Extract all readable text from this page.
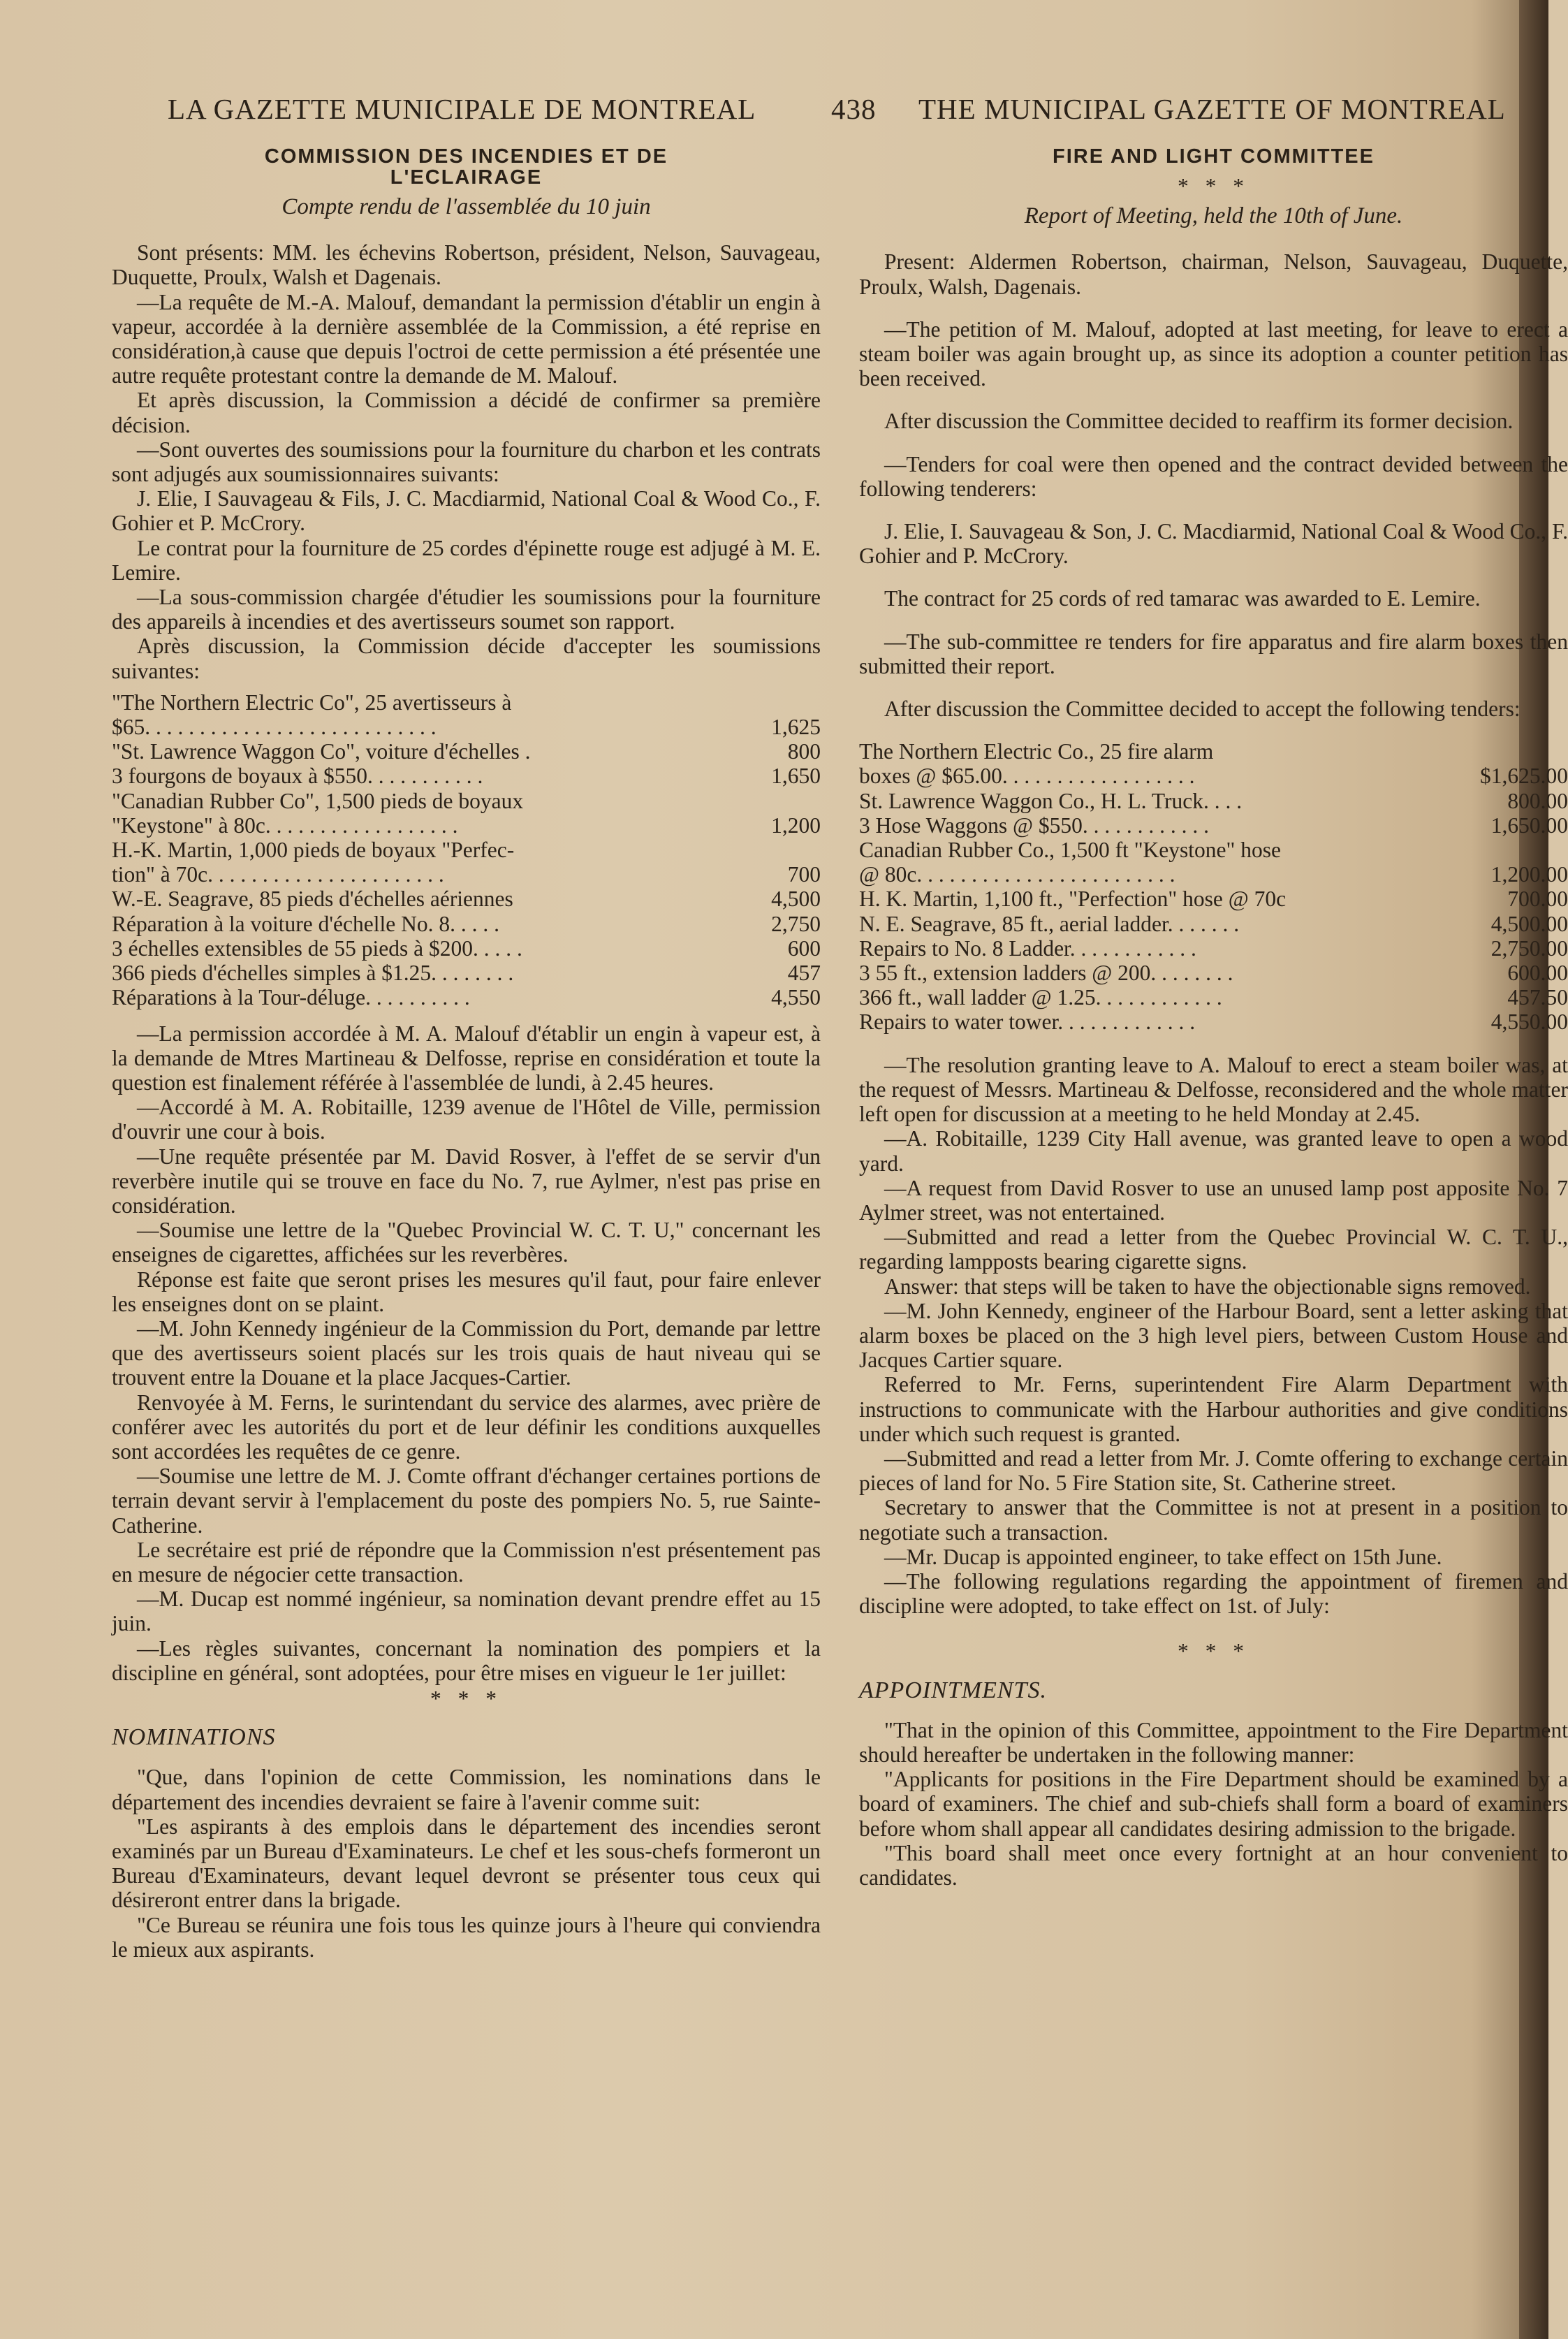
LA GAZETTE MUNICIPALE DE MONTREAL	438 THE MUNICIPAL GAZETTE OF MONTREAL
COMMISSION DES INCENDIES ET DE
L'ECLAIRAGE
Compte rendu de l'assemblée du 10 juin

Sont présents: MM. les échevins Robertson, président, Nelson, Sauvageau, Duquette, Proulx, Walsh et Dagenais.

—La requête de M.-A. Malouf, demandant la permission d'établir un engin à vapeur, accordée à la dernière assemblée de la Commission, a été reprise en considération,à cause que depuis l'octroi de cette permission a été présentée une autre requête protestant contre la demande de M. Malouf.

Et après discussion, la Commission a décidé de confirmer sa première décision.

—Sont ouvertes des soumissions pour la fourniture du charbon et les contrats sont adjugés aux soumissionnaires suivants:

J. Elie, I Sauvageau & Fils, J. C. Macdiarmid, National Coal & Wood Co., F. Gohier et P. McCrory.

Le contrat pour la fourniture de 25 cordes d'épinette rouge est adjugé à M. E. Lemire.

—La sous-commission chargée d'étudier les soumissions pour la fourniture des appareils à incendies et des avertisseurs soumet son rapport.

Après discussion, la Commission décide d'accepter les soumissions suivantes:

"The Northern Electric Co", 25 avertisseurs à
$65. . . . . . . . . . . . . . . . . . . . . . . . . . .	1,625
"St. Lawrence Waggon Co", voiture d'échelles .	800
3 fourgons de boyaux à $550. . . . . . . . . . .	1,650
"Canadian Rubber Co", 1,500 pieds de boyaux
"Keystone" à 80c. . . . . . . . . . . . . . . . . .	1,200
H.-K. Martin, 1,000 pieds de boyaux "Perfec-
tion" à 70c. . . . . . . . . . . . . . . . . . . . . .	700
W.-E. Seagrave, 85 pieds d'échelles aériennes	4,500
Réparation à la voiture d'échelle No. 8. . . . .	2,750
3 échelles extensibles de 55 pieds à $200. . . . .	600
366 pieds d'échelles simples à $1.25. . . . . . . .	457
Réparations à la Tour-déluge. . . . . . . . . .	4,550

—La permission accordée à M. A. Malouf d'établir un engin à vapeur est, à la demande de Mtres Martineau & Delfosse, reprise en considération et toute la question est finalement référée à l'assemblée de lundi, à 2.45 heures.

—Accordé à M. A. Robitaille, 1239 avenue de l'Hôtel de Ville, permission d'ouvrir une cour à bois.

—Une requête présentée par M. David Rosver, à l'effet de se servir d'un reverbère inutile qui se trouve en face du No. 7, rue Aylmer, n'est pas prise en considération.

—Soumise une lettre de la "Quebec Provincial W. C. T. U," concernant les enseignes de cigarettes, affichées sur les reverbères.

Réponse est faite que seront prises les mesures qu'il faut, pour faire enlever les enseignes dont on se plaint.

—M. John Kennedy ingénieur de la Commission du Port, demande par lettre que des avertisseurs soient placés sur les trois quais de haut niveau qui se trouvent entre la Douane et la place Jacques-Cartier.

Renvoyée à M. Ferns, le surintendant du service des alarmes, avec prière de conférer avec les autorités du port et de leur définir les conditions auxquelles sont accordées les requêtes de ce genre.

—Soumise une lettre de M. J. Comte offrant d'échanger certaines portions de terrain devant servir à l'emplacement du poste des pompiers No. 5, rue Sainte-Catherine.

Le secrétaire est prié de répondre que la Commission n'est présentement pas en mesure de négocier cette transaction.

—M. Ducap est nommé ingénieur, sa nomination devant prendre effet au 15 juin.

—Les règles suivantes, concernant la nomination des pompiers et la discipline en général, sont adoptées, pour être mises en vigueur le 1er juillet:

* * *
NOMINATIONS

"Que, dans l'opinion de cette Commission, les nominations dans le département des incendies devraient se faire à l'avenir comme suit:

"Les aspirants à des emplois dans le département des incendies seront examinés par un Bureau d'Examinateurs. Le chef et les sous-chefs formeront un Bureau d'Examinateurs, devant lequel devront se présenter tous ceux qui désireront entrer dans la brigade.

"Ce Bureau se réunira une fois tous les quinze jours à l'heure qui conviendra le mieux aux aspirants.

FIRE AND LIGHT COMMITTEE
* * *
Report of Meeting, held the 10th of June.

Present: Aldermen Robertson, chairman, Nelson, Sauvageau, Duquette, Proulx, Walsh, Dagenais.

—The petition of M. Malouf, adopted at last meeting, for leave to erect a steam boiler was again brought up, as since its adoption a counter petition has been received.

After discussion the Committee decided to reaffirm its former decision.

—Tenders for coal were then opened and the contract devided between the following tenderers:

J. Elie, I. Sauvageau & Son, J. C. Macdiarmid, National Coal & Wood Co., F. Gohier and P. McCrory.

The contract for 25 cords of red tamarac was awarded to E. Lemire.

—The sub-committee re tenders for fire apparatus and fire alarm boxes then submitted their report.

After discussion the Committee decided to accept the following tenders:

The Northern Electric Co., 25 fire alarm
boxes @ $65.00. . . . . . . . . . . . . . . . . .	$1,625.00
St. Lawrence Waggon Co., H. L. Truck. . . .	800.00
3 Hose Waggons @ $550. . . . . . . . . . . .	1,650.00
Canadian Rubber Co., 1,500 ft "Keystone" hose
@ 80c. . . . . . . . . . . . . . . . . . . . . . . .	1,200.00
H. K. Martin, 1,100 ft., "Perfection" hose @ 70c	700.00
N. E. Seagrave, 85 ft., aerial ladder. . . . . . .	4,500.00
Repairs to No. 8 Ladder. . . . . . . . . . . .	2,750.00
3 55 ft., extension ladders @ 200. . . . . . . .	600.00
366 ft., wall ladder @ 1.25. . . . . . . . . . . .	457.50
Repairs to water tower. . . . . . . . . . . . .	4,550.00

—The resolution granting leave to A. Malouf to erect a steam boiler was, at the request of Messrs. Martineau & Delfosse, reconsidered and the whole matter left open for discussion at a meeting to he held Monday at 2.45.

—A. Robitaille, 1239 City Hall avenue, was granted leave to open a wood yard.

—A request from David Rosver to use an unused lamp post apposite No. 7 Aylmer street, was not entertained.

—Submitted and read a letter from the Quebec Provincial W. C. T. U., regarding lampposts bearing cigarette signs.

Answer: that steps will be taken to have the objectionable signs removed.

—M. John Kennedy, engineer of the Harbour Board, sent a letter asking that alarm boxes be placed on the 3 high level piers, between Custom House and Jacques Cartier square.

Referred to Mr. Ferns, superintendent Fire Alarm Department with instructions to communicate with the Harbour authorities and give conditions under which such request is granted.

—Submitted and read a letter from Mr. J. Comte offering to exchange certain pieces of land for No. 5 Fire Station site, St. Catherine street.

Secretary to answer that the Committee is not at present in a position to negotiate such a transaction.

—Mr. Ducap is appointed engineer, to take effect on 15th June.

—The following regulations regarding the appointment of firemen and discipline were adopted, to take effect on 1st. of July:

* * *
APPOINTMENTS.

"That in the opinion of this Committee, appointment to the Fire Department should hereafter be undertaken in the following manner:

"Applicants for positions in the Fire Department should be examined by a board of examiners. The chief and sub-chiefs shall form a board of examiners before whom shall appear all candidates desiring admission to the brigade.

"This board shall meet once every fortnight at an hour convenient to candidates.
